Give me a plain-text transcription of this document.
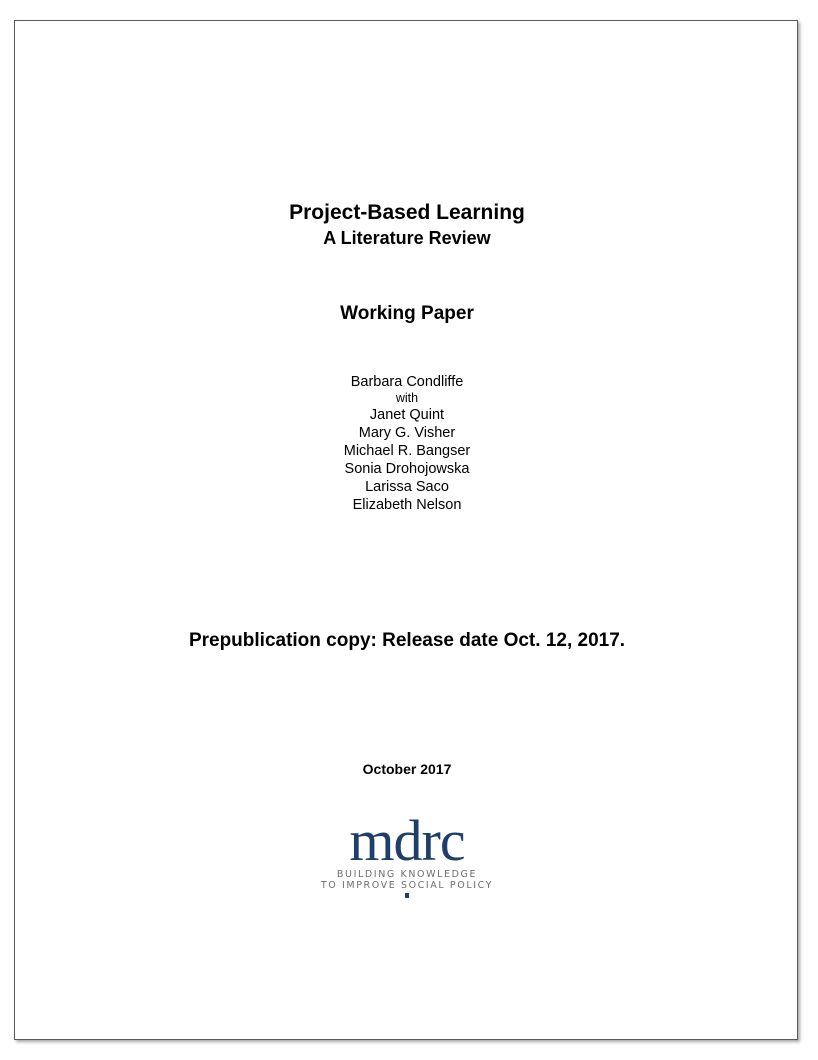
Project-Based Learning
A Literature Review
Working Paper
Barbara Condliffe
with
Janet Quint
Mary G. Visher
Michael R. Bangser
Sonia Drohojowska
Larissa Saco
Elizabeth Nelson
Prepublication copy: Release date Oct. 12, 2017.
October 2017
mdrc
BUILDING KNOWLEDGE
TO IMPROVE SOCIAL POLICY
